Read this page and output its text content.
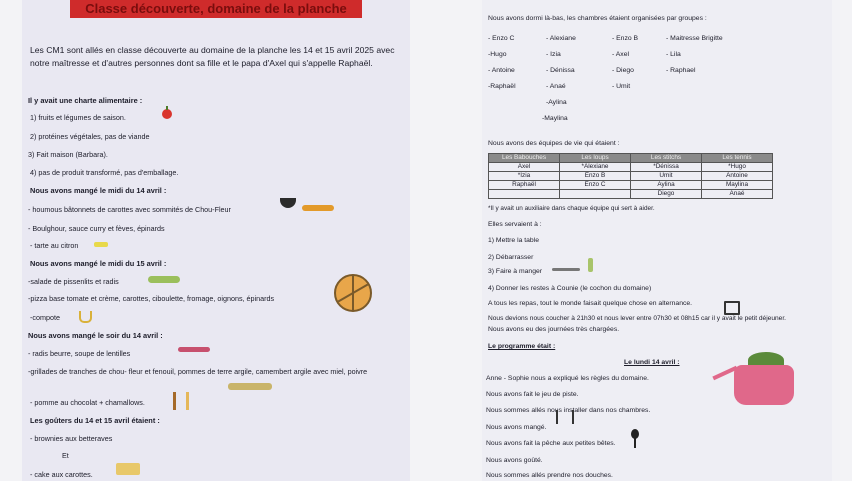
Classe découverte, domaine de la planche
Les CM1 sont allés en classe découverte au domaine de la planche les 14 et 15 avril 2025 avec notre maîtresse et d'autres personnes dont sa fille et le papa d'Axel qui s'appelle Raphaël.
Il y avait une charte alimentaire :
1) fruits et légumes de saison.
2) protéines végétales, pas de viande
3) Fait maison (Barbara).
4) pas de produit transformé, pas d'emballage.
Nous avons mangé le midi du 14 avril :
- houmous bâtonnets de carottes avec sommités de Chou-Fleur
- Boulghour, sauce curry et fèves, épinards
- tarte au citron
Nous avons mangé le midi du 15 avril :
-salade de pissenlits et radis
-pizza base tomate et crème, carottes, ciboulette, fromage, oignons, épinards
-compote
Nous avons mangé le soir du 14 avril :
- radis beurre, soupe de lentilles
-grillades de tranches de chou- fleur et fenouil, pommes de terre argile, camembert argile avec miel, poivre
- pomme au chocolat + chamallows.
Les goûters du 14 et 15 avril étaient :
- brownies aux betteraves
Et
- cake aux carottes.
Nous avons dormi là-bas, les chambres étaient organisées par groupes :
- Enzo C
-Hugo
- Antoine
-Raphaël
- Alexiane
- Izia
- Dénissa
- Anaé
-Aylina
-Maylina
- Enzo B
- Axel
- Diego
- Umit
- Maitresse Brigitte
- Lila
- Raphael
Nous avons des équipes de vie qui étaient :
Les Babouches	Les loups	Les stitchs	Les tennis
Axel	*Alexiane	*Dénissa	*Hugo
*Izia	Enzo B	Umit	Antoine
Raphaël	Enzo C	Aylina	Maylina
		Diego	Anaé
*Il y avait un auxiliaire dans chaque équipe qui sert à aider.
Elles servaient à :
1) Mettre la table
2) Débarrasser
3) Faire à manger
4) Donner les restes à Counie (le cochon du domaine)
A tous les repas, tout le monde faisait quelque chose en alternance.
Nous devions nous coucher à 21h30 et nous lever entre 07h30 et 08h15 car il y avait le petit déjeuner.
Nous avons eu des journées très chargées.
Le programme était :
Le lundi 14 avril :
Anne - Sophie nous a expliqué les règles du domaine.
Nous avons fait le jeu de piste.
Nous sommes allés nous installer dans nos chambres.
Nous avons mangé.
Nous avons fait la pêche aux petites bêtes.
Nous avons goûté.
Nous sommes allés prendre nos douches.
